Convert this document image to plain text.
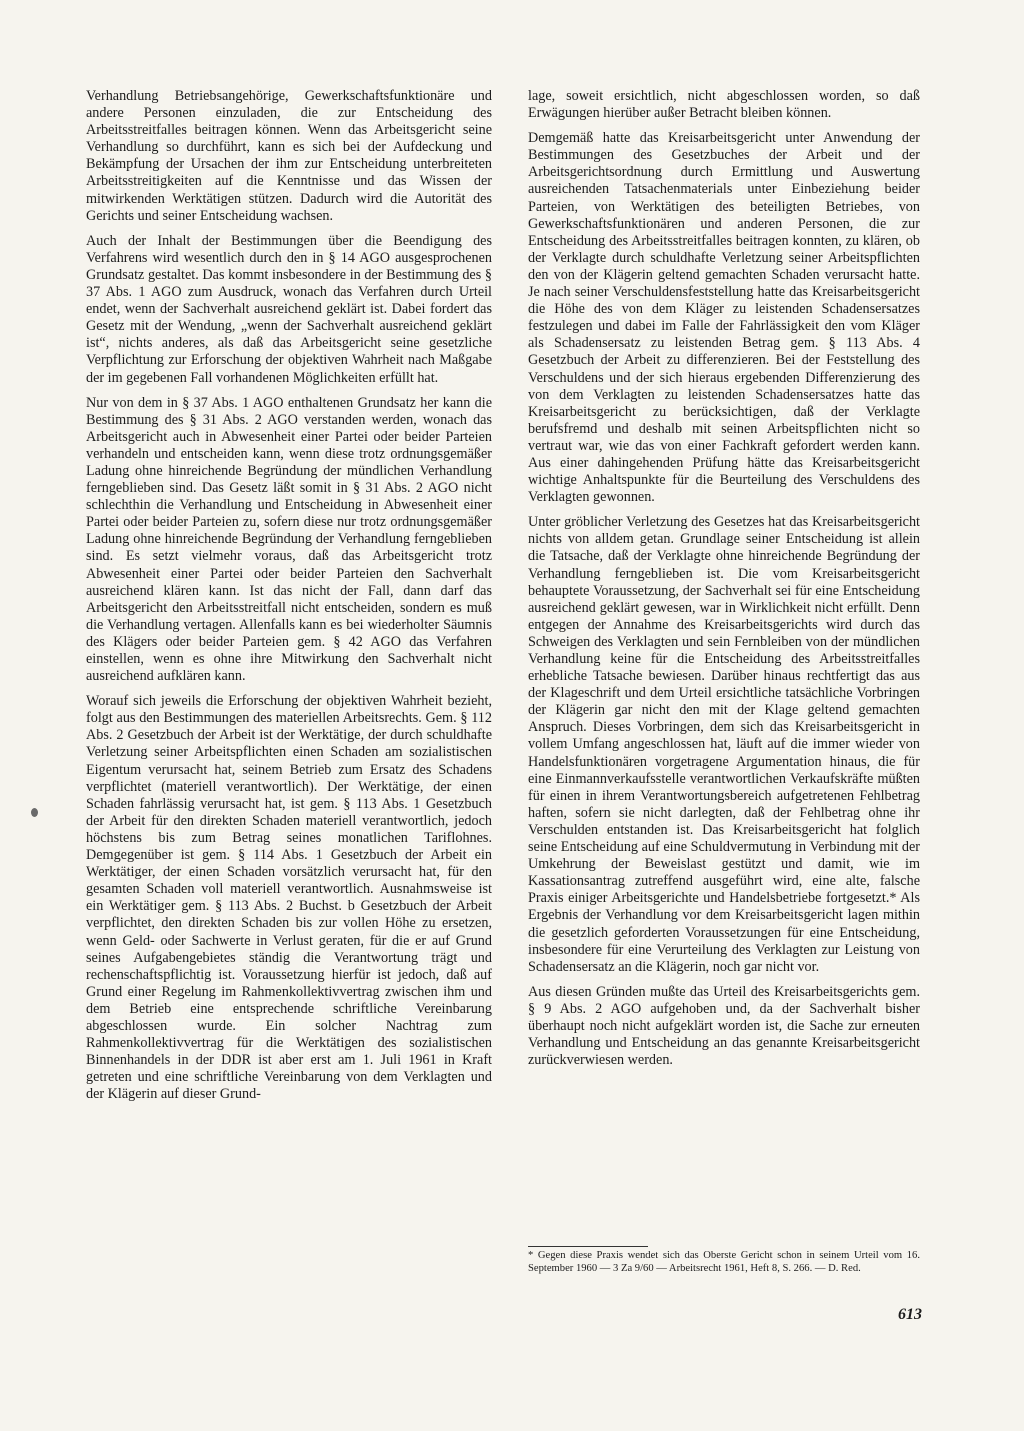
Verhandlung Betriebsangehörige, Gewerkschaftsfunktionäre und andere Personen einzuladen, die zur Entscheidung des Arbeitsstreitfalles beitragen können. Wenn das Arbeitsgericht seine Verhandlung so durchführt, kann es sich bei der Aufdeckung und Bekämpfung der Ursachen der ihm zur Entscheidung unterbreiteten Arbeitsstreitigkeiten auf die Kenntnisse und das Wissen der mitwirkenden Werktätigen stützen. Dadurch wird die Autorität des Gerichts und seiner Entscheidung wachsen.

Auch der Inhalt der Bestimmungen über die Beendigung des Verfahrens wird wesentlich durch den in § 14 AGO ausgesprochenen Grundsatz gestaltet. Das kommt insbesondere in der Bestimmung des § 37 Abs. 1 AGO zum Ausdruck, wonach das Verfahren durch Urteil endet, wenn der Sachverhalt ausreichend geklärt ist. Dabei fordert das Gesetz mit der Wendung, „wenn der Sachverhalt ausreichend geklärt ist“, nichts anderes, als daß das Arbeitsgericht seine gesetzliche Verpflichtung zur Erforschung der objektiven Wahrheit nach Maßgabe der im gegebenen Fall vorhandenen Möglichkeiten erfüllt hat.

Nur von dem in § 37 Abs. 1 AGO enthaltenen Grundsatz her kann die Bestimmung des § 31 Abs. 2 AGO verstanden werden, wonach das Arbeitsgericht auch in Abwesenheit einer Partei oder beider Parteien verhandeln und entscheiden kann, wenn diese trotz ordnungsgemäßer Ladung ohne hinreichende Begründung der mündlichen Verhandlung ferngeblieben sind. Das Gesetz läßt somit in § 31 Abs. 2 AGO nicht schlechthin die Verhandlung und Entscheidung in Abwesenheit einer Partei oder beider Parteien zu, sofern diese nur trotz ordnungsgemäßer Ladung ohne hinreichende Begründung der Verhandlung ferngeblieben sind. Es setzt vielmehr voraus, daß das Arbeitsgericht trotz Abwesenheit einer Partei oder beider Parteien den Sachverhalt ausreichend klären kann. Ist das nicht der Fall, dann darf das Arbeitsgericht den Arbeitsstreitfall nicht entscheiden, sondern es muß die Verhandlung vertagen. Allenfalls kann es bei wiederholter Säumnis des Klägers oder beider Parteien gem. § 42 AGO das Verfahren einstellen, wenn es ohne ihre Mitwirkung den Sachverhalt nicht ausreichend aufklären kann.

Worauf sich jeweils die Erforschung der objektiven Wahrheit bezieht, folgt aus den Bestimmungen des materiellen Arbeitsrechts. Gem. § 112 Abs. 2 Gesetzbuch der Arbeit ist der Werktätige, der durch schuldhafte Verletzung seiner Arbeitspflichten einen Schaden am sozialistischen Eigentum verursacht hat, seinem Betrieb zum Ersatz des Schadens verpflichtet (materiell verantwortlich). Der Werktätige, der einen Schaden fahrlässig verursacht hat, ist gem. § 113 Abs. 1 Gesetzbuch der Arbeit für den direkten Schaden materiell verantwortlich, jedoch höchstens bis zum Betrag seines monatlichen Tariflohnes. Demgegenüber ist gem. § 114 Abs. 1 Gesetzbuch der Arbeit ein Werktätiger, der einen Schaden vorsätzlich verursacht hat, für den gesamten Schaden voll materiell verantwortlich. Ausnahmsweise ist ein Werktätiger gem. § 113 Abs. 2 Buchst. b Gesetzbuch der Arbeit verpflichtet, den direkten Schaden bis zur vollen Höhe zu ersetzen, wenn Geld- oder Sachwerte in Verlust geraten, für die er auf Grund seines Aufgabengebietes ständig die Verantwortung trägt und rechenschaftspflichtig ist. Voraussetzung hierfür ist jedoch, daß auf Grund einer Regelung im Rahmenkollektivvertrag zwischen ihm und dem Betrieb eine entsprechende schriftliche Vereinbarung abgeschlossen wurde. Ein solcher Nachtrag zum Rahmenkollektivvertrag für die Werktätigen des sozialistischen Binnenhandels in der DDR ist aber erst am 1. Juli 1961 in Kraft getreten und eine schriftliche Vereinbarung von dem Verklagten und der Klägerin auf dieser Grund-

lage, soweit ersichtlich, nicht abgeschlossen worden, so daß Erwägungen hierüber außer Betracht bleiben können.

Demgemäß hatte das Kreisarbeitsgericht unter Anwendung der Bestimmungen des Gesetzbuches der Arbeit und der Arbeitsgerichtsordnung durch Ermittlung und Auswertung ausreichenden Tatsachenmaterials unter Einbeziehung beider Parteien, von Werktätigen des beteiligten Betriebes, von Gewerkschaftsfunktionären und anderen Personen, die zur Entscheidung des Arbeitsstreitfalles beitragen konnten, zu klären, ob der Verklagte durch schuldhafte Verletzung seiner Arbeitspflichten den von der Klägerin geltend gemachten Schaden verursacht hatte. Je nach seiner Verschuldensfeststellung hatte das Kreisarbeitsgericht die Höhe des von dem Kläger zu leistenden Schadensersatzes festzulegen und dabei im Falle der Fahrlässigkeit den vom Kläger als Schadensersatz zu leistenden Betrag gem. § 113 Abs. 4 Gesetzbuch der Arbeit zu differenzieren. Bei der Feststellung des Verschuldens und der sich hieraus ergebenden Differenzierung des von dem Verklagten zu leistenden Schadensersatzes hatte das Kreisarbeitsgericht zu berücksichtigen, daß der Verklagte berufsfremd und deshalb mit seinen Arbeitspflichten nicht so vertraut war, wie das von einer Fachkraft gefordert werden kann. Aus einer dahingehenden Prüfung hätte das Kreisarbeitsgericht wichtige Anhaltspunkte für die Beurteilung des Verschuldens des Verklagten gewonnen.

Unter gröblicher Verletzung des Gesetzes hat das Kreisarbeitsgericht nichts von alldem getan. Grundlage seiner Entscheidung ist allein die Tatsache, daß der Verklagte ohne hinreichende Begründung der Verhandlung ferngeblieben ist. Die vom Kreisarbeitsgericht behauptete Voraussetzung, der Sachverhalt sei für eine Entscheidung ausreichend geklärt gewesen, war in Wirklichkeit nicht erfüllt. Denn entgegen der Annahme des Kreisarbeitsgerichts wird durch das Schweigen des Verklagten und sein Fernbleiben von der mündlichen Verhandlung keine für die Entscheidung des Arbeitsstreitfalles erhebliche Tatsache bewiesen. Darüber hinaus rechtfertigt das aus der Klageschrift und dem Urteil ersichtliche tatsächliche Vorbringen der Klägerin gar nicht den mit der Klage geltend gemachten Anspruch. Dieses Vorbringen, dem sich das Kreisarbeitsgericht in vollem Umfang angeschlossen hat, läuft auf die immer wieder von Handelsfunktionären vorgetragene Argumentation hinaus, die für eine Einmannverkaufsstelle verantwortlichen Verkaufskräfte müßten für einen in ihrem Verantwortungsbereich aufgetretenen Fehlbetrag haften, sofern sie nicht darlegten, daß der Fehlbetrag ohne ihr Verschulden entstanden ist. Das Kreisarbeitsgericht hat folglich seine Entscheidung auf eine Schuldvermutung in Verbindung mit der Umkehrung der Beweislast gestützt und damit, wie im Kassationsantrag zutreffend ausgeführt wird, eine alte, falsche Praxis einiger Arbeitsgerichte und Handelsbetriebe fortgesetzt.* Als Ergebnis der Verhandlung vor dem Kreisarbeitsgericht lagen mithin die gesetzlich geforderten Voraussetzungen für eine Entscheidung, insbesondere für eine Verurteilung des Verklagten zur Leistung von Schadensersatz an die Klägerin, noch gar nicht vor.

Aus diesen Gründen mußte das Urteil des Kreisarbeitsgerichts gem. § 9 Abs. 2 AGO aufgehoben und, da der Sachverhalt bisher überhaupt noch nicht aufgeklärt worden ist, die Sache zur erneuten Verhandlung und Entscheidung an das genannte Kreisarbeitsgericht zurückverwiesen werden.

* Gegen diese Praxis wendet sich das Oberste Gericht schon in seinem Urteil vom 16. September 1960 — 3 Za 9/60 — Arbeitsrecht 1961, Heft 8, S. 266. — D. Red.
613
